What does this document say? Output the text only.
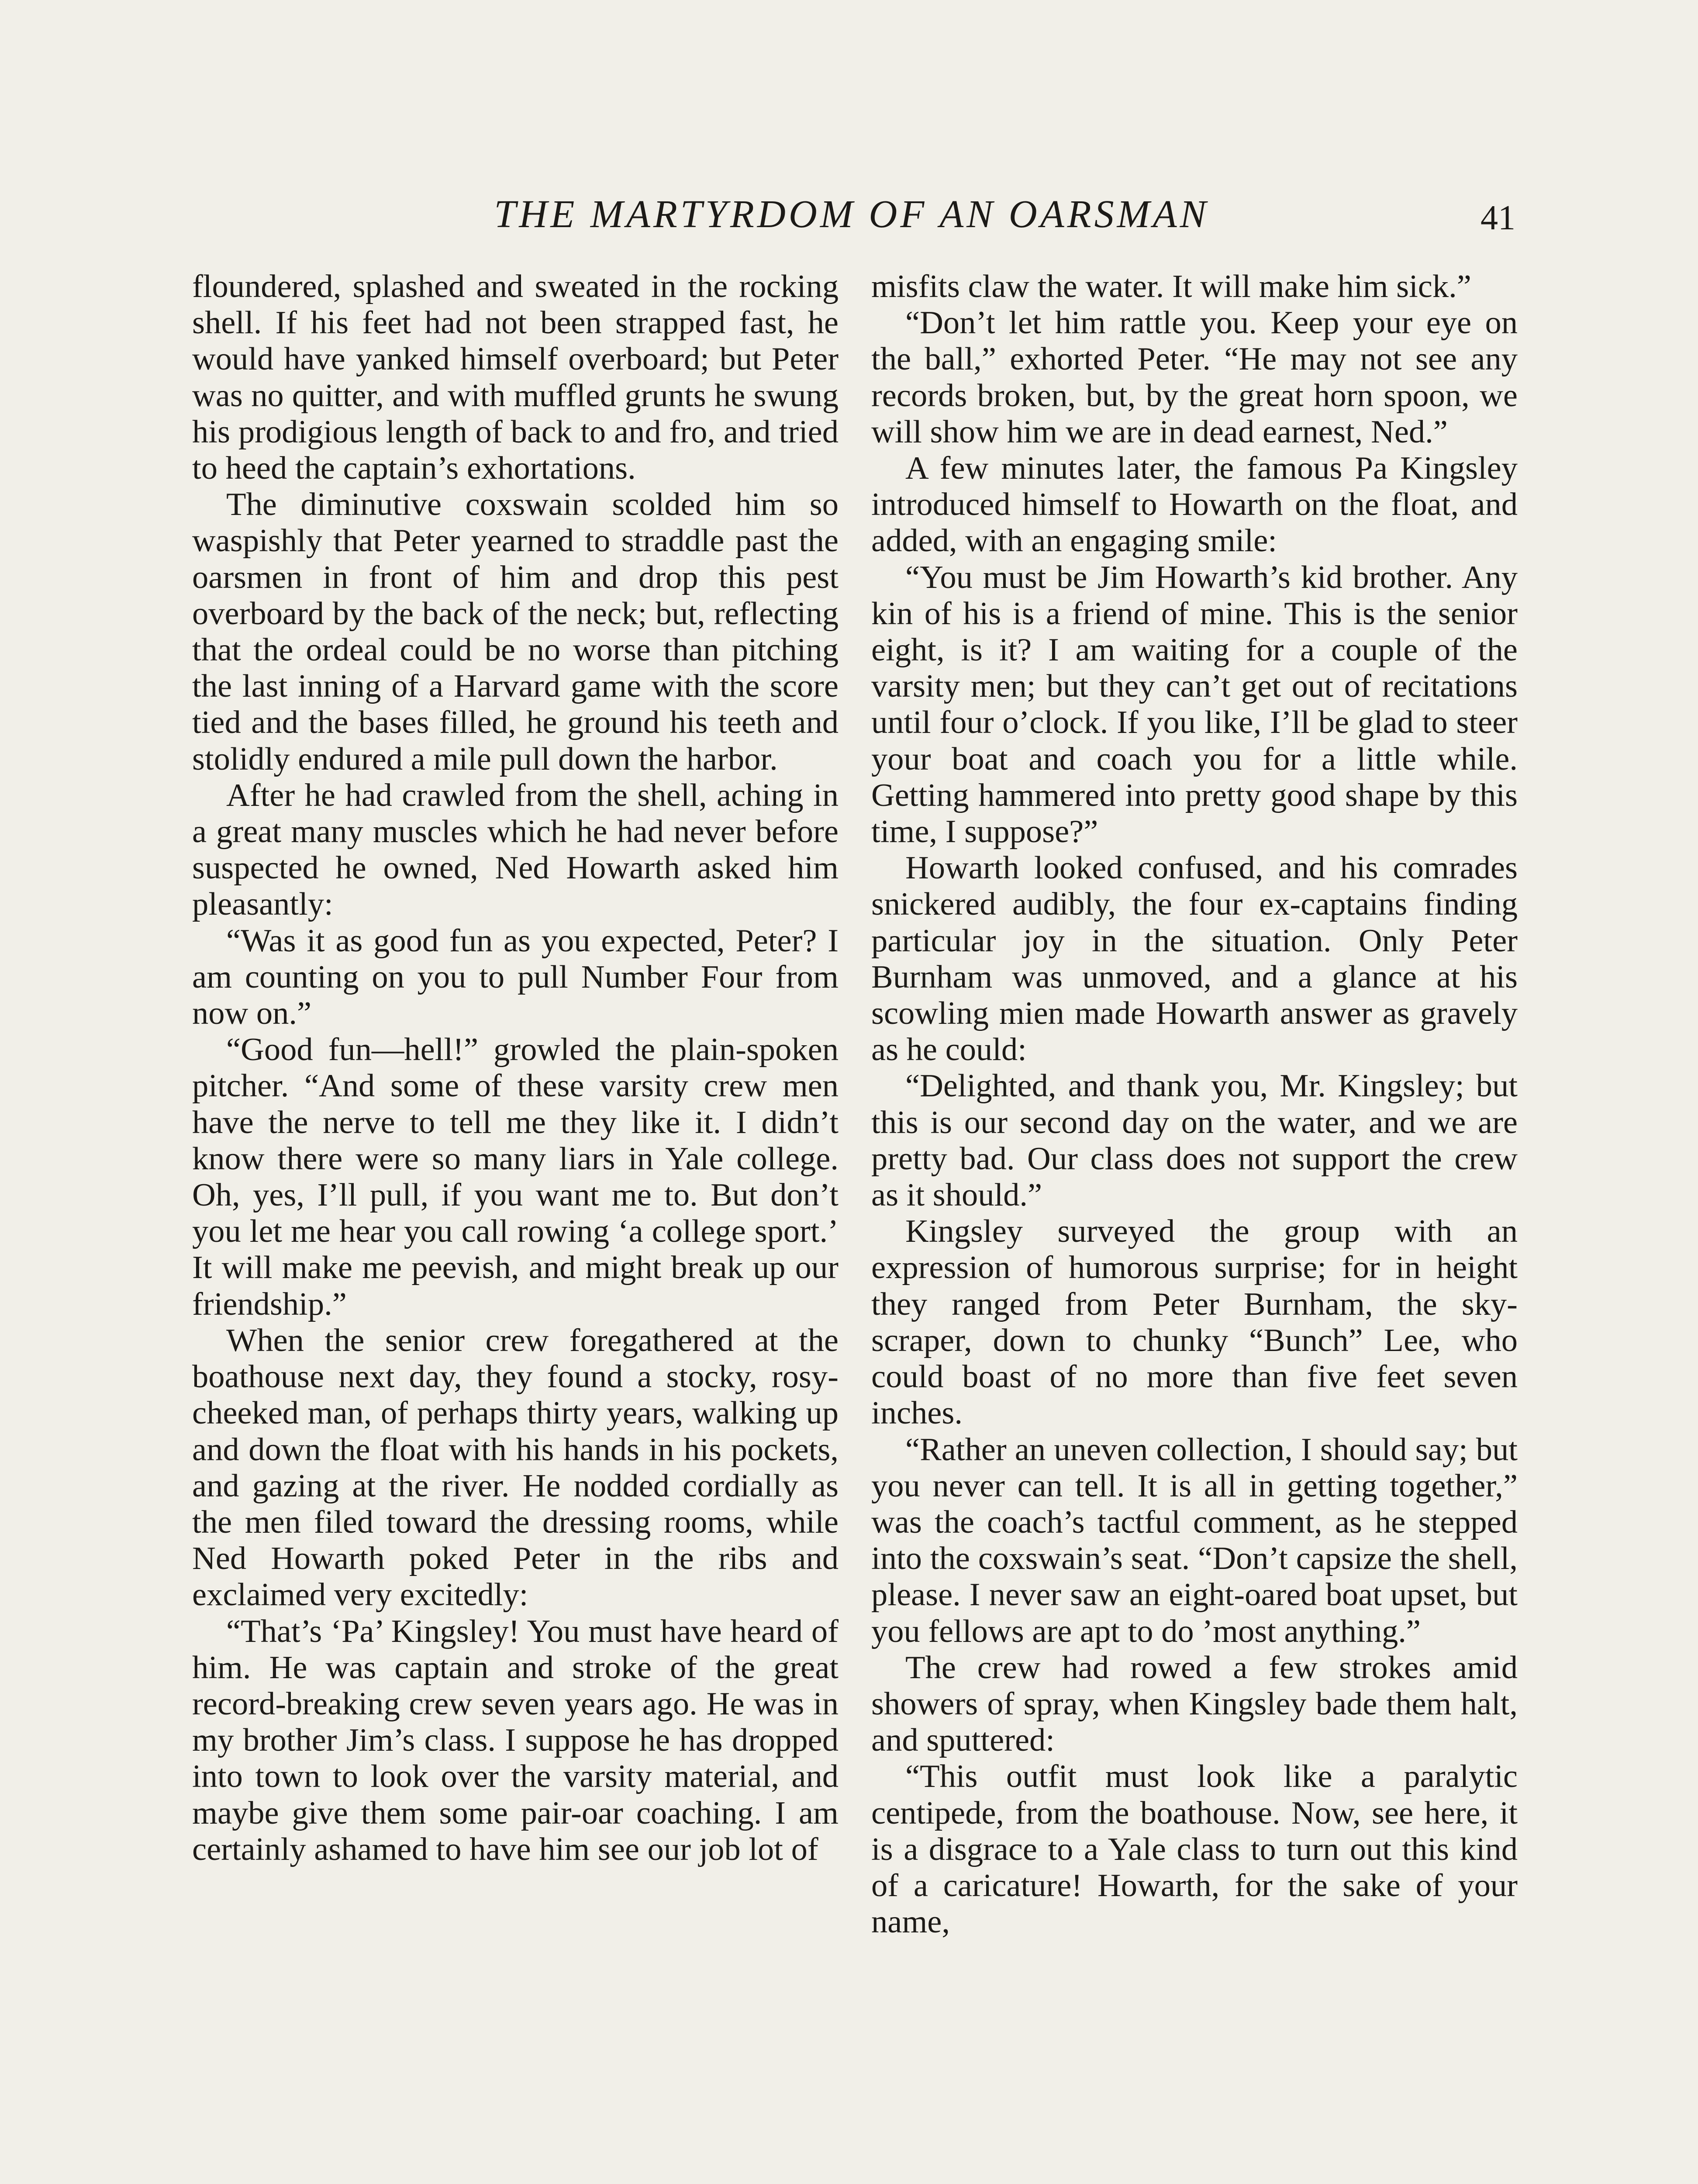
THE MARTYRDOM OF AN OARSMAN	41

floundered, splashed and sweated in the rocking shell. If his feet had not been strapped fast, he would have yanked himself overboard; but Peter was no quitter, and with muffled grunts he swung his prodigious length of back to and fro, and tried to heed the captain’s exhortations.

The diminutive coxswain scolded him so waspishly that Peter yearned to straddle past the oarsmen in front of him and drop this pest overboard by the back of the neck; but, reflecting that the ordeal could be no worse than pitching the last inning of a Harvard game with the score tied and the bases filled, he ground his teeth and stolidly endured a mile pull down the harbor.

After he had crawled from the shell, aching in a great many muscles which he had never before suspected he owned, Ned Howarth asked him pleasantly:

“Was it as good fun as you expected, Peter? I am counting on you to pull Number Four from now on.”

“Good fun—hell!” growled the plain-spoken pitcher. “And some of these varsity crew men have the nerve to tell me they like it. I didn’t know there were so many liars in Yale college. Oh, yes, I’ll pull, if you want me to. But don’t you let me hear you call rowing ‘a college sport.’ It will make me peevish, and might break up our friendship.”

When the senior crew foregathered at the boathouse next day, they found a stocky, rosy-cheeked man, of perhaps thirty years, walking up and down the float with his hands in his pockets, and gazing at the river. He nodded cordially as the men filed toward the dressing rooms, while Ned Howarth poked Peter in the ribs and exclaimed very excitedly:

“That’s ‘Pa’ Kingsley! You must have heard of him. He was captain and stroke of the great record-breaking crew seven years ago. He was in my brother Jim’s class. I suppose he has dropped into town to look over the varsity material, and maybe give them some pair-oar coaching. I am certainly ashamed to have him see our job lot of

misfits claw the water. It will make him sick.”

“Don’t let him rattle you. Keep your eye on the ball,” exhorted Peter. “He may not see any records broken, but, by the great horn spoon, we will show him we are in dead earnest, Ned.”

A few minutes later, the famous Pa Kingsley introduced himself to Howarth on the float, and added, with an engaging smile:

“You must be Jim Howarth’s kid brother. Any kin of his is a friend of mine. This is the senior eight, is it? I am waiting for a couple of the varsity men; but they can’t get out of recitations until four o’clock. If you like, I’ll be glad to steer your boat and coach you for a little while. Getting hammered into pretty good shape by this time, I suppose?”

Howarth looked confused, and his comrades snickered audibly, the four ex-captains finding particular joy in the situation. Only Peter Burnham was unmoved, and a glance at his scowling mien made Howarth answer as gravely as he could:

“Delighted, and thank you, Mr. Kingsley; but this is our second day on the water, and we are pretty bad. Our class does not support the crew as it should.”

Kingsley surveyed the group with an expression of humorous surprise; for in height they ranged from Peter Burnham, the sky-scraper, down to chunky “Bunch” Lee, who could boast of no more than five feet seven inches.

“Rather an uneven collection, I should say; but you never can tell. It is all in getting together,” was the coach’s tactful comment, as he stepped into the coxswain’s seat. “Don’t capsize the shell, please. I never saw an eight-oared boat upset, but you fellows are apt to do ’most anything.”

The crew had rowed a few strokes amid showers of spray, when Kingsley bade them halt, and sputtered:

“This outfit must look like a paralytic centipede, from the boathouse. Now, see here, it is a disgrace to a Yale class to turn out this kind of a caricature! Howarth, for the sake of your name,
